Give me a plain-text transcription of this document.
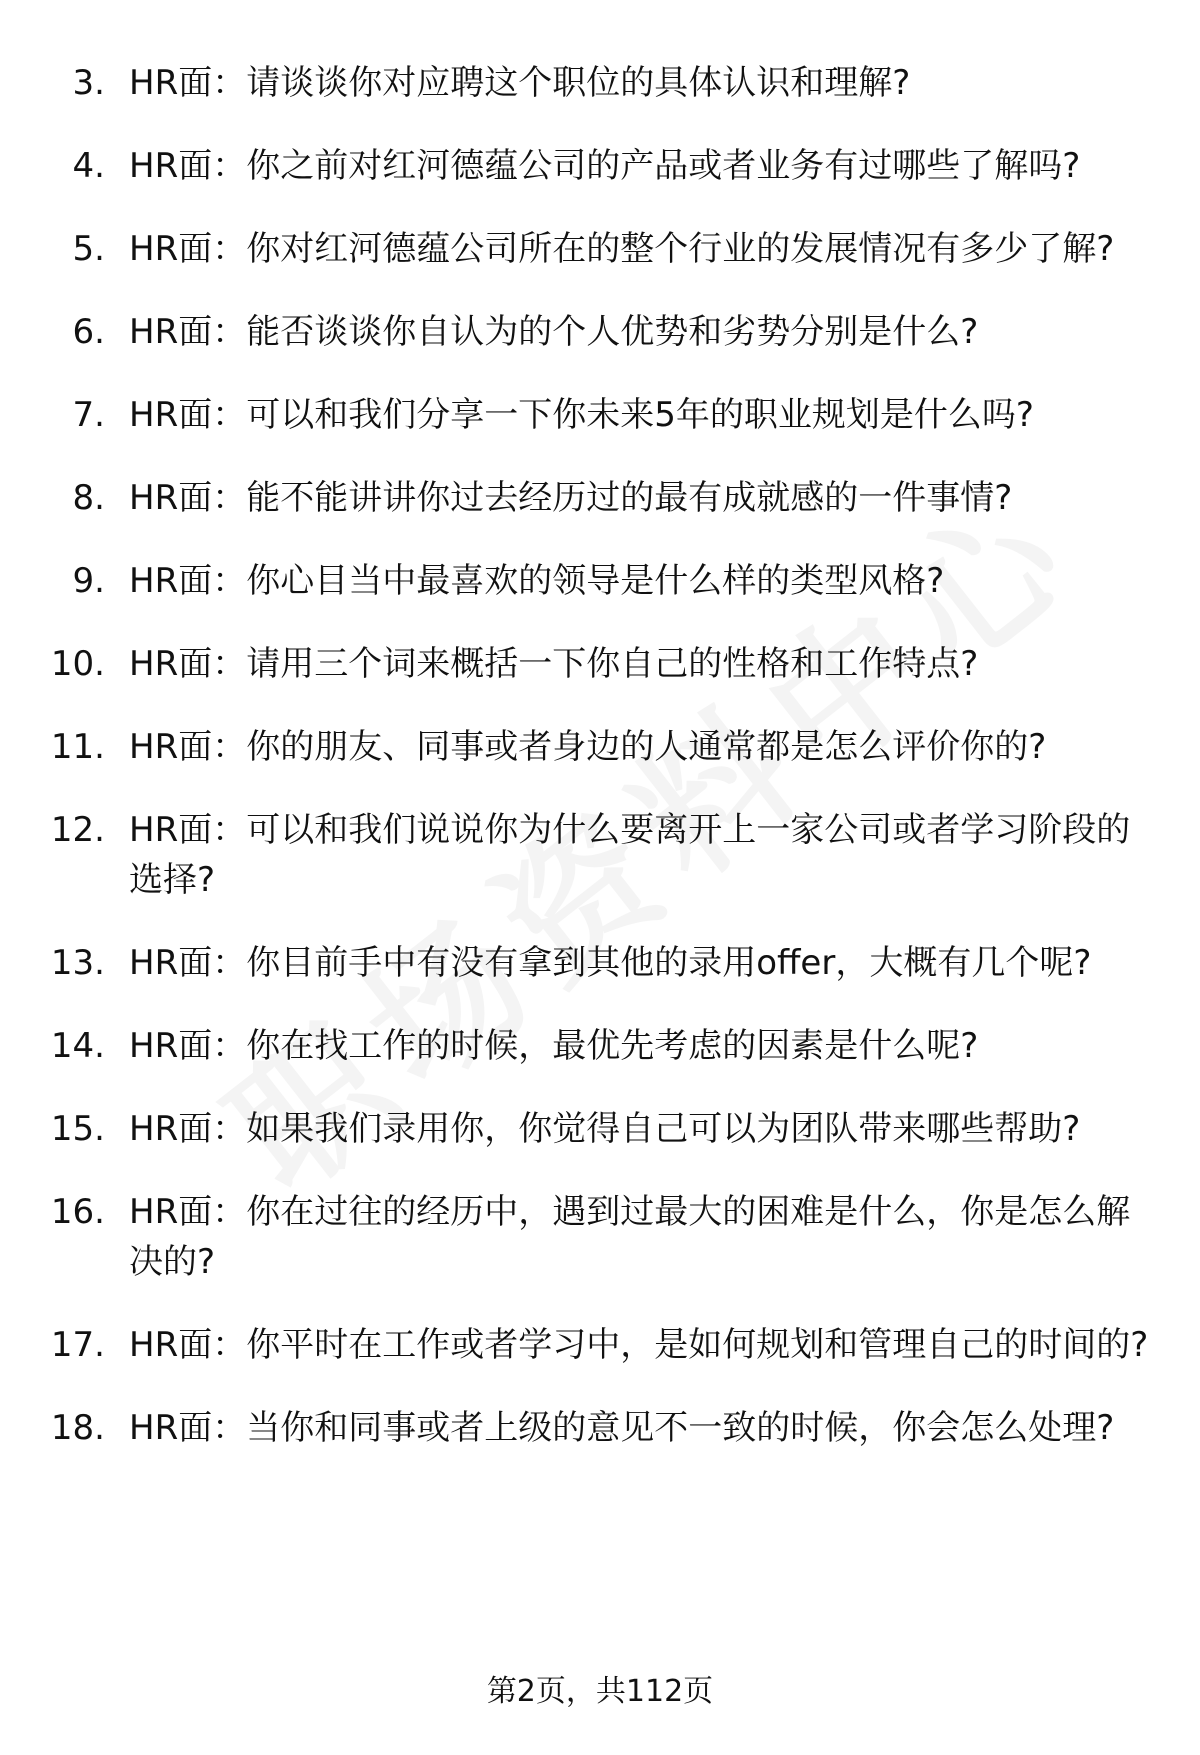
3. HR面：请谈谈你对应聘这个职位的具体认识和理解?
4. HR面：你之前对红河德蕴公司的产品或者业务有过哪些了解吗?
5. HR面：你对红河德蕴公司所在的整个行业的发展情况有多少了解?
6. HR面：能否谈谈你自认为的个人优势和劣势分别是什么?
7. HR面：可以和我们分享一下你未来5年的职业规划是什么吗?
8. HR面：能不能讲讲你过去经历过的最有成就感的一件事情?
9. HR面：你心目当中最喜欢的领导是什么样的类型风格?
10. HR面：请用三个词来概括一下你自己的性格和工作特点?
11. HR面：你的朋友、同事或者身边的人通常都是怎么评价你的?
12. HR面：可以和我们说说你为什么要离开上一家公司或者学习阶段的选择?
13. HR面：你目前手中有没有拿到其他的录用offer，大概有几个呢?
14. HR面：你在找工作的时候，最优先考虑的因素是什么呢?
15. HR面：如果我们录用你，你觉得自己可以为团队带来哪些帮助?
16. HR面：你在过往的经历中，遇到过最大的困难是什么，你是怎么解决的?
17. HR面：你平时在工作或者学习中，是如何规划和管理自己的时间的?
18. HR面：当你和同事或者上级的意见不一致的时候，你会怎么处理?
第2页，共112页
